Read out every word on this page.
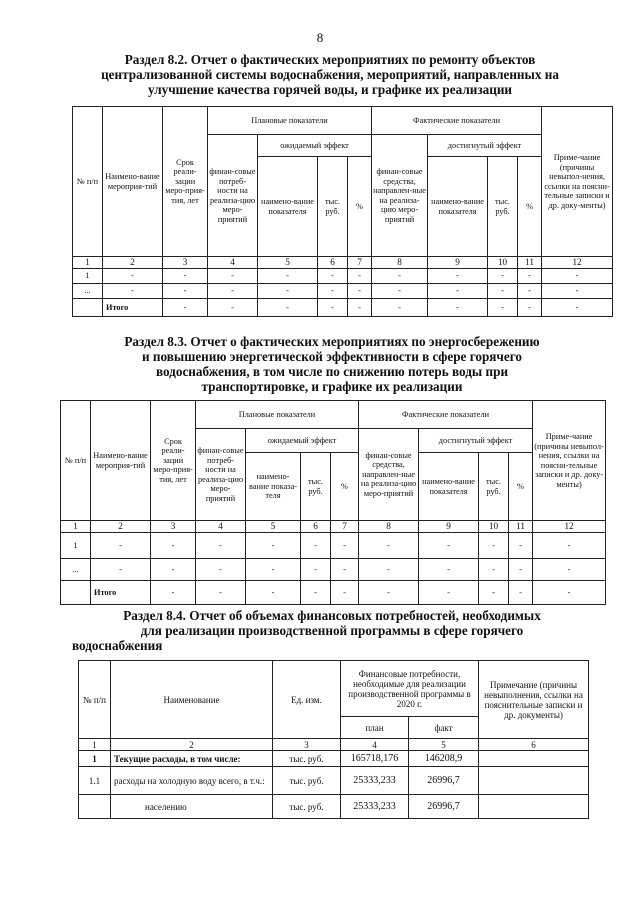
8
Раздел 8.2. Отчет о фактических мероприятиях по ремонту объектов
централизованной системы водоснабжения, мероприятий, направленных на
улучшение качества горячей воды, и графике их реализации
№ п/п	Наимено-вание мероприя-тий	Срок реали-зации меро-прия-тия, лет	Плановые показатели				Фактические показатели				Приме-чание (причины невыпол-нения, ссылки на поясни-тельные записки и др. доку-менты)
			финан-совые потреб-ности на реализа-цию меро-приятий	ожидаемый эффект			финан-совые средства, направлен-ные на реализа-цию меро-приятий	достигнутый эффект			
				наимено-вание показателя	тыс. руб.	%		наимено-вание показателя	тыс. руб.	%	
1	2	3	4	5	6	7	8	9	10	11	12
1	-	-	-	-	-	-	-	-	-	-	-
...	-	-	-	-	-	-	-	-	-	-	-
	Итого	-	-	-	-	-	-	-	-	-	-
Раздел 8.3. Отчет о фактических мероприятиях по энергосбережению
и повышению энергетической эффективности в сфере горячего
водоснабжения, в том числе по снижению потерь воды при
транспортировке, и графике их реализации
№ п/п	Наимено-вание мероприя-тий	Срок реали-зации меро-прия-тия, лет	Плановые показатели				Фактические показатели				Приме-чание (причины невыпол-нения, ссылки на поясни-тельные записки и др. доку-менты)
			финан-совые потреб-ности на реализа-цию меро-приятий	ожидаемый эффект			финан-совые средства, направлен-ные на реализа-цию меро-приятий	достигнутый эффект			
				наимено-вание показа-теля	тыс. руб.	%		наимено-вание показателя	тыс. руб.	%	
1	2	3	4	5	6	7	8	9	10	11	12
1	-	-	-	-	-	-	-	-	-	-	-
...	-	-	-	-	-	-	-	-	-	-	-
	Итого	-	-	-	-	-	-	-	-	-	-
Раздел 8.4. Отчет об объемах финансовых потребностей, необходимых
для реализации производственной программы в сфере горячего
водоснабжения
№ п/п	Наименование	Ед. изм.	Финансовые потребности, необходимые для реализации производственной программы в 2020 г.		Примечание (причины невыполнения, ссылки на пояснительные записки и др. документы)
			план	факт	
1	2	3	4	5	6
1	Текущие расходы, в том числе:	тыс. руб.	165718,176	146208,9	
1.1	расходы на холодную воду всего, в т.ч.:	тыс. руб.	25333,233	26996,7	
	населению	тыс. руб.	25333,233	26996,7	
